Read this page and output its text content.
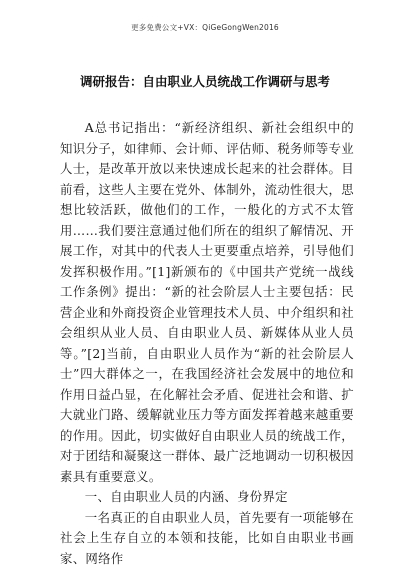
更多免费公文+VX：QiGeGongWen2016
调研报告：自由职业人员统战工作调研与思考

A总书记指出：“新经济组织、新社会组织中的知识分子，如律师、会计师、评估师、税务师等专业人士，是改革开放以来快速成长起来的社会群体。目前看，这些人主要在党外、体制外，流动性很大，思想比较活跃，做他们的工作，一般化的方式不太管用……我们要注意通过他们所在的组织了解情况、开展工作，对其中的代表人士更要重点培养，引导他们发挥积极作用。”[1]新颁布的《中国共产党统一战线工作条例》提出：“新的社会阶层人士主要包括：民营企业和外商投资企业管理技术人员、中介组织和社会组织从业人员、自由职业人员、新媒体从业人员等。”[2]当前，自由职业人员作为“新的社会阶层人士”四大群体之一，在我国经济社会发展中的地位和作用日益凸显，在化解社会矛盾、促进社会和谐、扩大就业门路、缓解就业压力等方面发挥着越来越重要的作用。因此，切实做好自由职业人员的统战工作，对于团结和凝聚这一群体、最广泛地调动一切积极因素具有重要意义。

一、自由职业人员的内涵、身份界定

一名真正的自由职业人员，首先要有一项能够在社会上生存自立的本领和技能，比如自由职业书画家、网络作
